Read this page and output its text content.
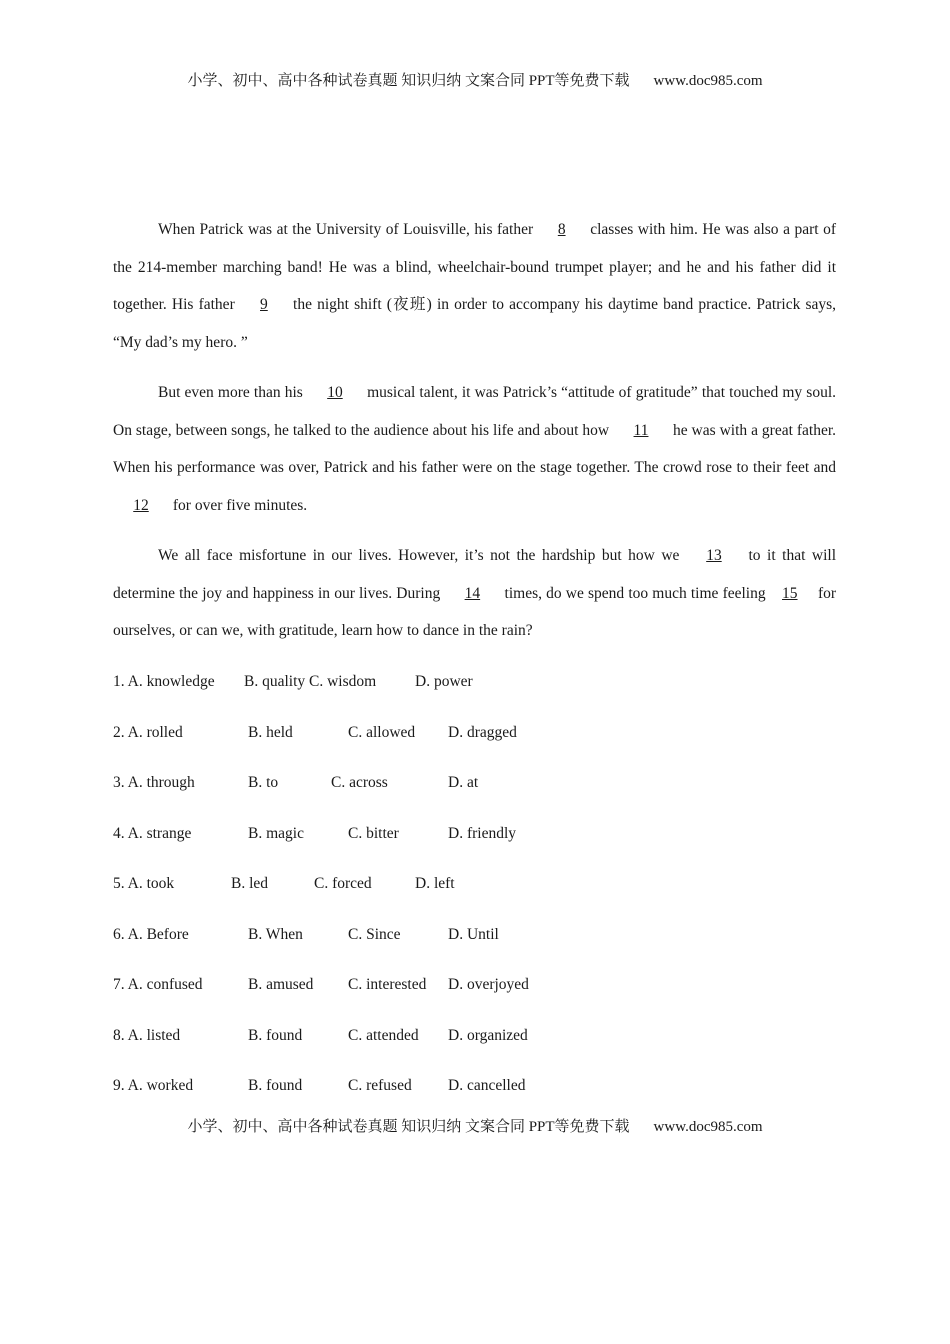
小学、初中、高中各种试卷真题 知识归纳 文案合同 PPT等免费下载 www.doc985.com

When Patrick was at the University of Louisville, his father 8 classes with him. He was also a part of the 214-member marching band! He was a blind, wheelchair-bound trumpet player; and he and his father did it together. His father 9 the night shift (夜班) in order to accompany his daytime band practice. Patrick says, “My dad’s my hero. ”

But even more than his 10 musical talent, it was Patrick’s “attitude of gratitude” that touched my soul. On stage, between songs, he talked to the audience about his life and about how 11 he was with a great father. When his performance was over, Patrick and his father were on the stage together. The crowd rose to their feet and 12 for over five minutes.

We all face misfortune in our lives. However, it’s not the hardship but how we 13 to it that will determine the joy and happiness in our lives. During 14 times, do we spend too much time feeling 15 for ourselves, or can we, with gratitude, learn how to dance in the rain?

1. A. knowledge B. quality C. wisdom	D. power
2. A. rolled	B. held	C. allowed D. dragged
3. A. through	B. to	C. across	D. at
4. A. strange	B. magic	C. bitter	D. friendly
5. A. took	B. led	C. forced	D. left
6. A. Before	B. When	C. Since	D. Until
7. A. confused	B. amused C. interested D. overjoyed
8. A. listed	B. found	C. attended D. organized
9. A. worked	B. found	C. refused D. cancelled
小学、初中、高中各种试卷真题 知识归纳 文案合同 PPT等免费下载 www.doc985.com
